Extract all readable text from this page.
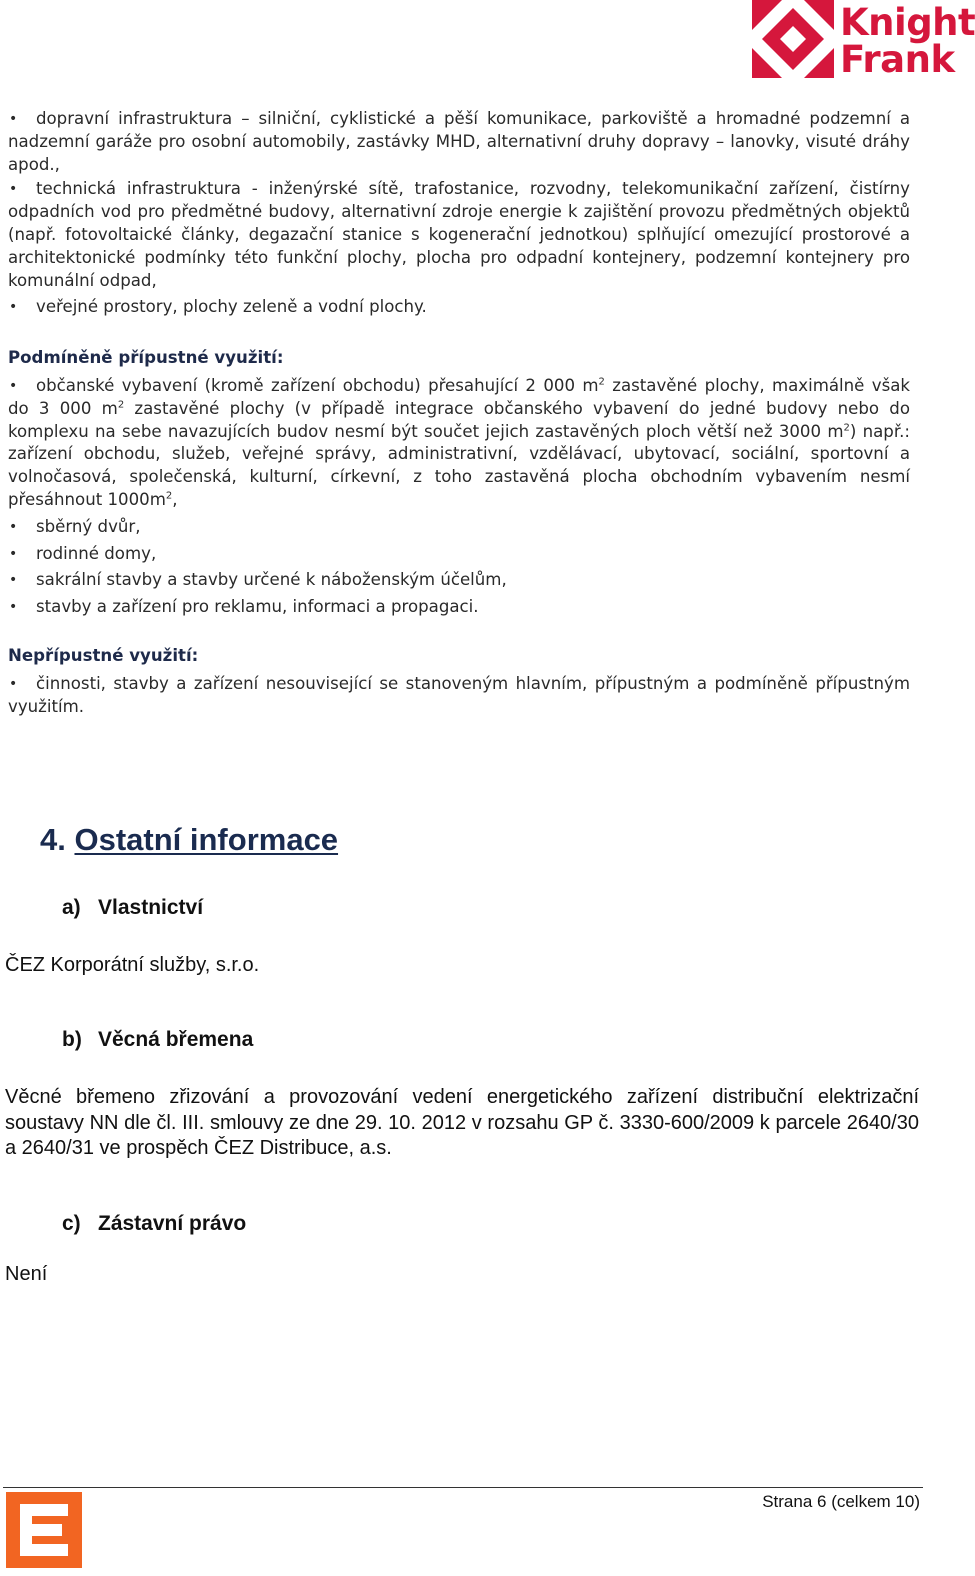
Knight
Frank
• dopravní infrastruktura – silniční, cyklistické a pěší komunikace, parkoviště a hromadné podzemní a nadzemní garáže pro osobní automobily, zastávky MHD, alternativní druhy dopravy – lanovky, visuté dráhy apod.,
• technická infrastruktura - inženýrské sítě, trafostanice, rozvodny, telekomunikační zařízení, čistírny odpadních vod pro předmětné budovy, alternativní zdroje energie k zajištění provozu předmětných objektů (např. fotovoltaické články, degazační stanice s kogenerační jednotkou) splňující omezující prostorové a architektonické podmínky této funkční plochy, plocha pro odpadní kontejnery, podzemní kontejnery pro komunální odpad,
• veřejné prostory, plochy zeleně a vodní plochy.
Podmíněně přípustné využití:
• občanské vybavení (kromě zařízení obchodu) přesahující 2 000 $m^2$ zastavěné plochy, maximálně však do 3 000 $m^2$ zastavěné plochy (v případě integrace občanského vybavení do jedné budovy nebo do komplexu na sebe navazujících budov nesmí být součet jejich zastavěných ploch větší než 3000 $m^2$) např.: zařízení obchodu, služeb, veřejné správy, administrativní, vzdělávací, ubytovací, sociální, sportovní a volnočasová, společenská, kulturní, církevní, z toho zastavěná plocha obchodním vybavením nesmí přesáhnout $1000m^2$,
• sběrný dvůr,
• rodinné domy,
• sakrální stavby a stavby určené k náboženským účelům,
• stavby a zařízení pro reklamu, informaci a propagaci.
Nepřípustné využití:
• činnosti, stavby a zařízení nesouvisející se stanoveným hlavním, přípustným a podmíněně přípustným využitím.
4. Ostatní informace
a) Vlastnictví
ČEZ Korporátní služby, s.r.o.
b) Věcná břemena
Věcné břemeno zřizování a provozování vedení energetického zařízení distribuční elektrizační soustavy NN dle čl. III. smlouvy ze dne 29. 10. 2012 v rozsahu GP č. 3330-600/2009 k parcele 2640/30 a 2640/31 ve prospěch ČEZ Distribuce, a.s.
c) Zástavní právo
Není
Strana 6 (celkem 10)
